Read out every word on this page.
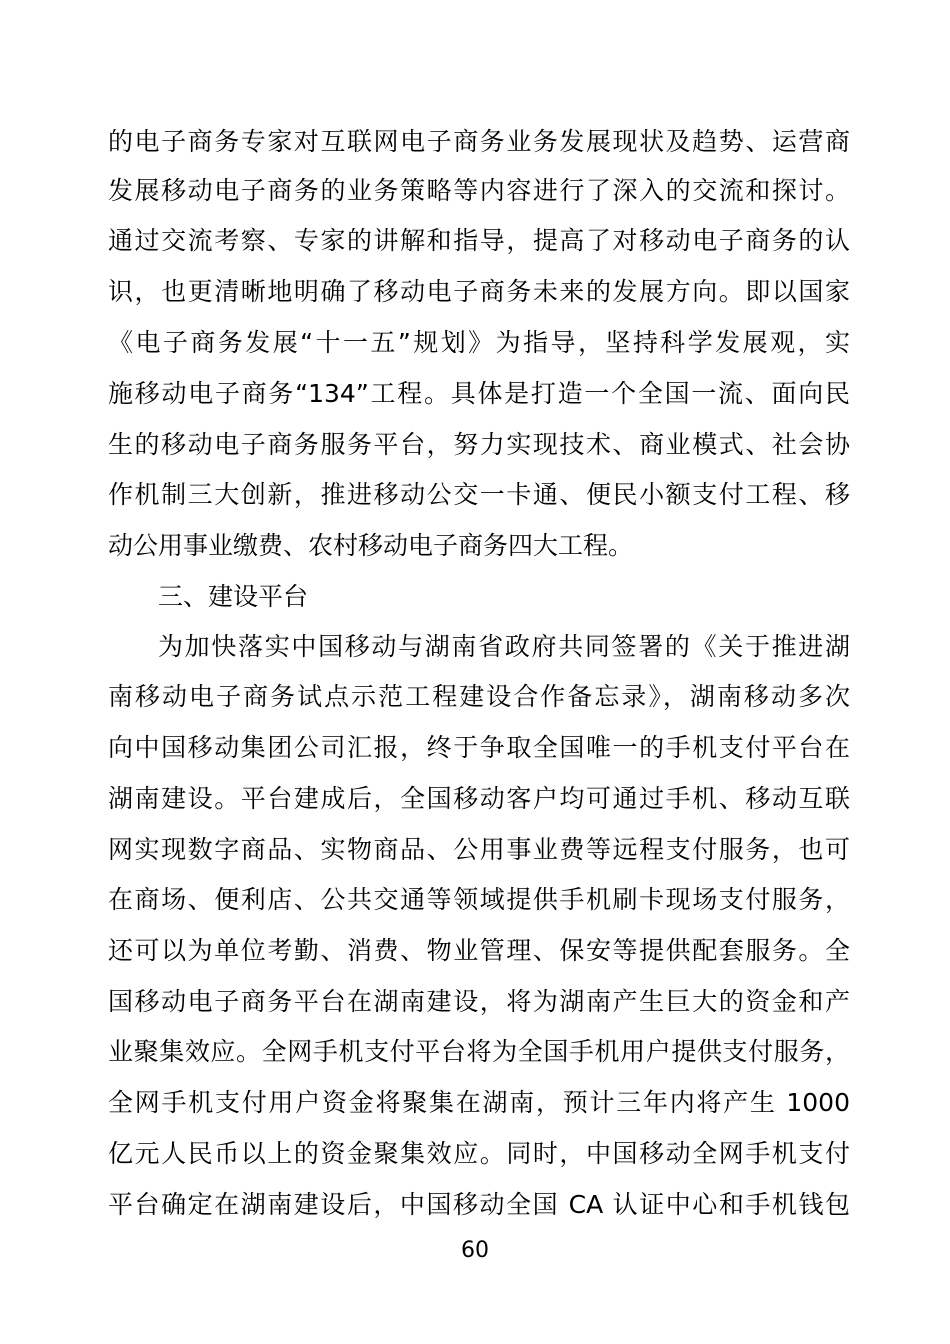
的电子商务专家对互联网电子商务业务发展现状及趋势、运营商
发展移动电子商务的业务策略等内容进行了深入的交流和探讨。
通过交流考察、专家的讲解和指导，提高了对移动电子商务的认
识，也更清晰地明确了移动电子商务未来的发展方向。即以国家
《电子商务发展“十一五”规划》为指导，坚持科学发展观，实
施移动电子商务“134”工程。具体是打造一个全国一流、面向民
生的移动电子商务服务平台，努力实现技术、商业模式、社会协
作机制三大创新，推进移动公交一卡通、便民小额支付工程、移
动公用事业缴费、农村移动电子商务四大工程。
三、建设平台
为加快落实中国移动与湖南省政府共同签署的《关于推进湖
南移动电子商务试点示范工程建设合作备忘录》，湖南移动多次
向中国移动集团公司汇报，终于争取全国唯一的手机支付平台在
湖南建设。平台建成后，全国移动客户均可通过手机、移动互联
网实现数字商品、实物商品、公用事业费等远程支付服务，也可
在商场、便利店、公共交通等领域提供手机刷卡现场支付服务，
还可以为单位考勤、消费、物业管理、保安等提供配套服务。全
国移动电子商务平台在湖南建设，将为湖南产生巨大的资金和产
业聚集效应。全网手机支付平台将为全国手机用户提供支付服务，
全网手机支付用户资金将聚集在湖南，预计三年内将产生 1000
亿元人民币以上的资金聚集效应。同时，中国移动全网手机支付
平台确定在湖南建设后，中国移动全国 CA 认证中心和手机钱包
60
